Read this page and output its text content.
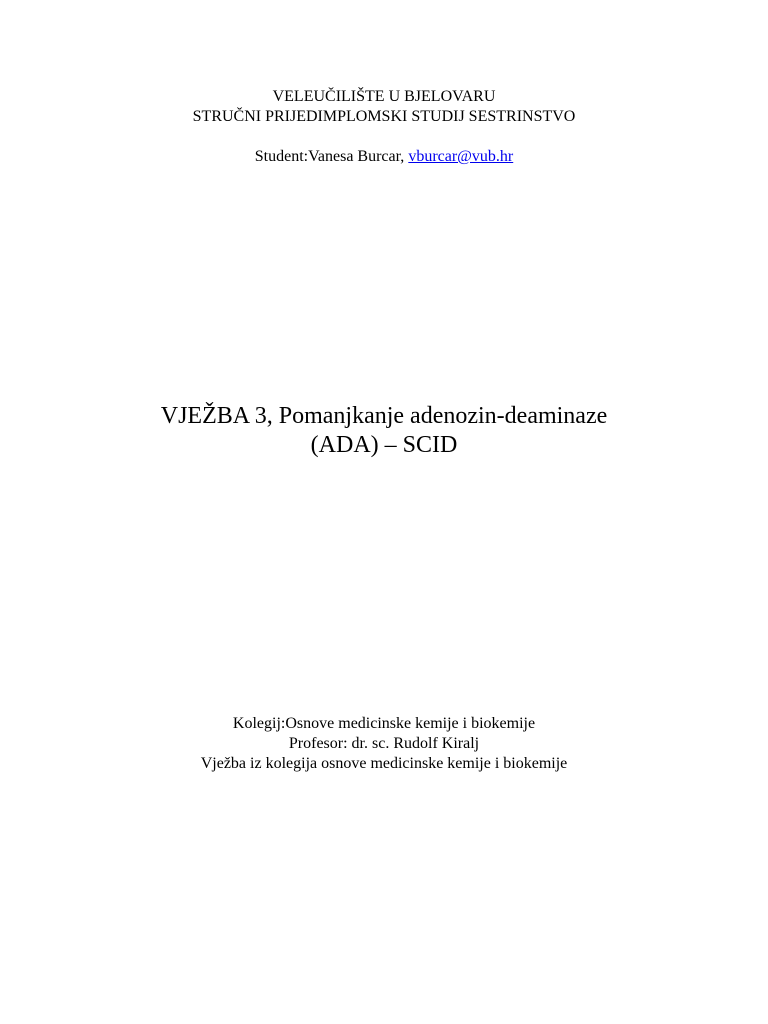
VELEUČILIŠTE U BJELOVARU
STRUČNI PRIJEDIMPLOMSKI STUDIJ SESTRINSTVO
Student:Vanesa Burcar, vburcar@vub.hr
VJEŽBA 3, Pomanjkanje adenozin-deaminaze
(ADA) – SCID
Kolegij:Osnove medicinske kemije i biokemije
Profesor: dr. sc. Rudolf Kiralj
Vježba iz kolegija osnove medicinske kemije i biokemije
